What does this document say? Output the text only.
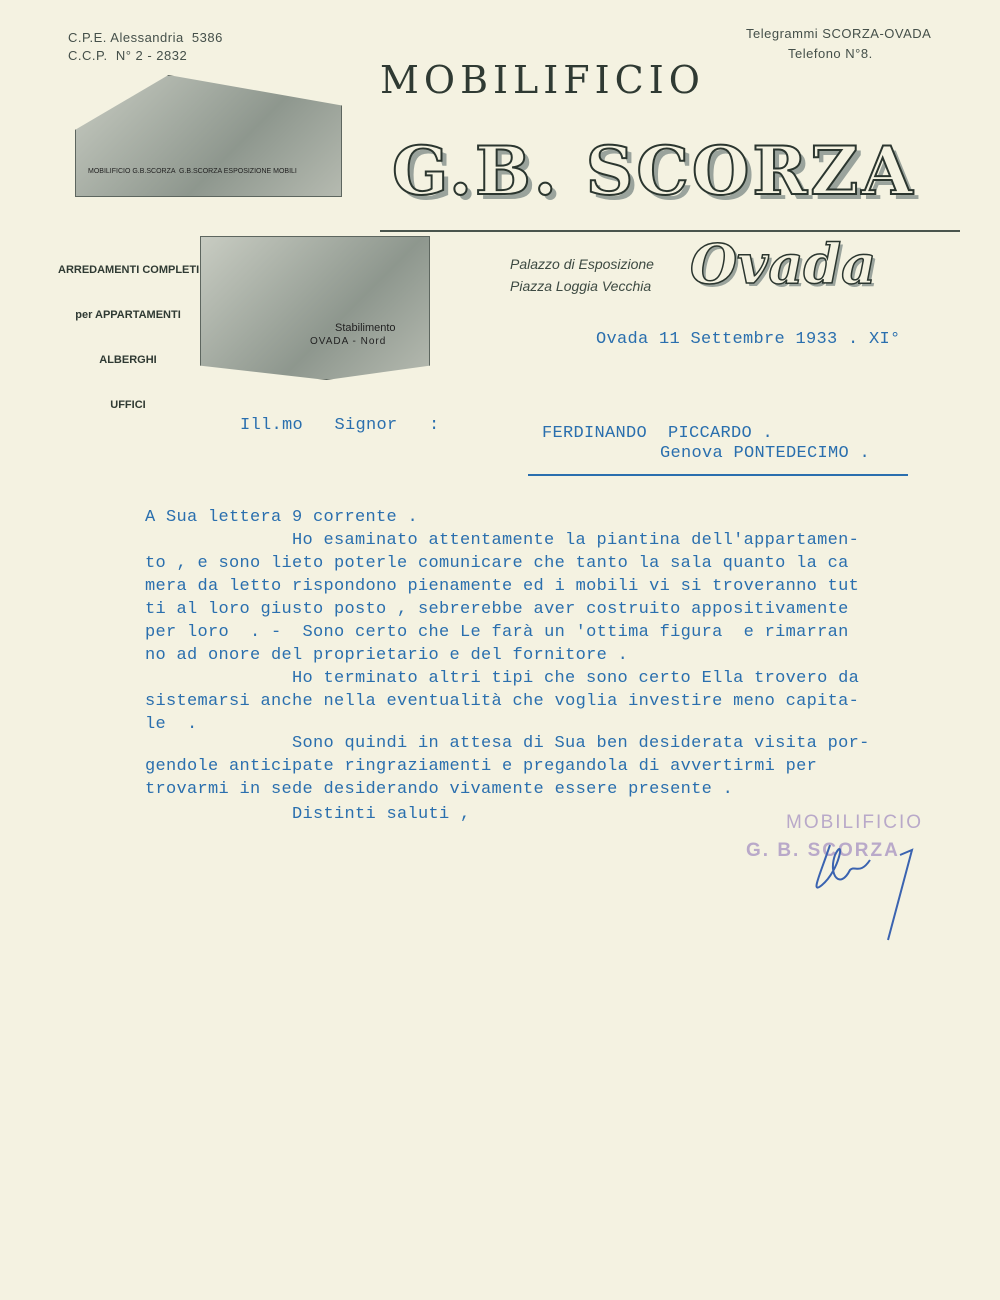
C.P.E. Alessandria  5386
C.C.P.  N° 2 - 2832
Telegrammi SCORZA-OVADA
Telefono N°8.
MOBILIFICIO G.B.SCORZA  G.B.SCORZA ESPOSIZIONE MOBILI
MOBILIFICIO
G.B. SCORZA

ARREDAMENTI COMPLETI

per APPARTAMENTI

ALBERGHI

UFFICI

Stabilimento
OVADA - Nord
Palazzo di Esposizione
Piazza Loggia Vecchia Ovada
Ovada 11 Settembre 1933 . XI°
Ill.mo   Signor   :	FERDINANDO  PICCARDO .
Genova PONTEDECIMO .
A Sua lettera 9 corrente .
Ho esaminato attentamente la piantina dell'appartamen-
to , e sono lieto poterle comunicare che tanto la sala quanto la ca
mera da letto rispondono pienamente ed i mobili vi si troveranno tut
ti al loro giusto posto , sebrerebbe aver costruito appositivamente
per loro  . -  Sono certo che Le farà un 'ottima figura  e rimarran
no ad onore del proprietario e del fornitore .
Ho terminato altri tipi che sono certo Ella trovero da
sistemarsi anche nella eventualità che voglia investire meno capita-
le  .
Sono quindi in attesa di Sua ben desiderata visita por-
gendole anticipate ringraziamenti e pregandola di avvertirmi per
trovarmi in sede desiderando vivamente essere presente .
Distinti saluti ,	MOBILIFICIO
G. B. SCORZA
